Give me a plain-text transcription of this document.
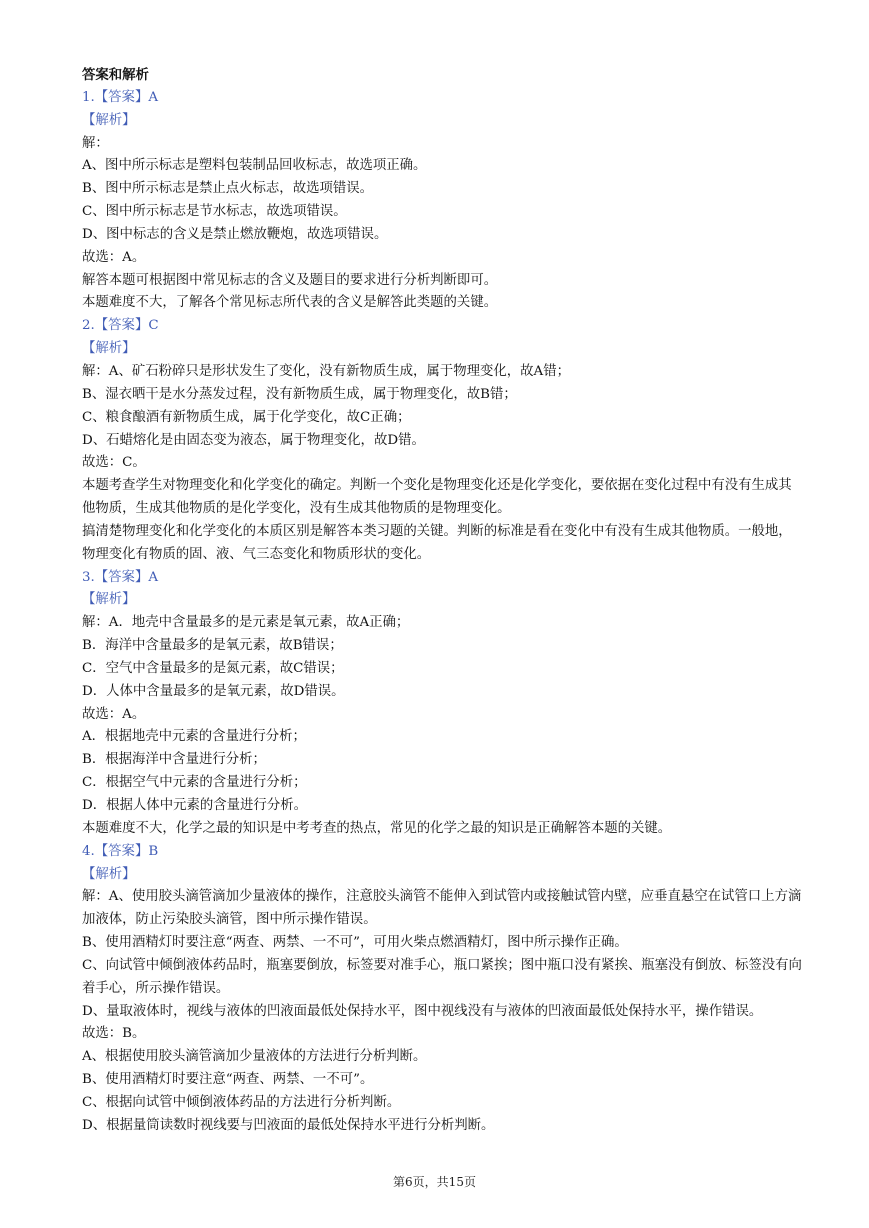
答案和解析
1.【答案】A
【解析】
解：
A、图中所示标志是塑料包装制品回收标志，故选项正确。
B、图中所示标志是禁止点火标志，故选项错误。
C、图中所示标志是节水标志，故选项错误。
D、图中标志的含义是禁止燃放鞭炮，故选项错误。
故选：A。
解答本题可根据图中常见标志的含义及题目的要求进行分析判断即可。
本题难度不大，了解各个常见标志所代表的含义是解答此类题的关键。
2.【答案】C
【解析】
解：A、矿石粉碎只是形状发生了变化，没有新物质生成，属于物理变化，故A错；
B、湿衣晒干是水分蒸发过程，没有新物质生成，属于物理变化，故B错；
C、粮食酿酒有新物质生成，属于化学变化，故C正确；
D、石蜡熔化是由固态变为液态，属于物理变化，故D错。
故选：C。
本题考查学生对物理变化和化学变化的确定。判断一个变化是物理变化还是化学变化，要依据在变化过程中有没有生成其他物质，生成其他物质的是化学变化，没有生成其他物质的是物理变化。
搞清楚物理变化和化学变化的本质区别是解答本类习题的关键。判断的标准是看在变化中有没有生成其他物质。一般地，物理变化有物质的固、液、气三态变化和物质形状的变化。
3.【答案】A
【解析】
解：A．地壳中含量最多的是元素是氧元素，故A正确；
B．海洋中含量最多的是氧元素，故B错误；
C．空气中含量最多的是氮元素，故C错误；
D．人体中含量最多的是氧元素，故D错误。
故选：A。
A．根据地壳中元素的含量进行分析；
B．根据海洋中含量进行分析；
C．根据空气中元素的含量进行分析；
D．根据人体中元素的含量进行分析。
本题难度不大，化学之最的知识是中考考查的热点，常见的化学之最的知识是正确解答本题的关键。
4.【答案】B
【解析】
解：A、使用胶头滴管滴加少量液体的操作，注意胶头滴管不能伸入到试管内或接触试管内壁，应垂直悬空在试管口上方滴加液体，防止污染胶头滴管，图中所示操作错误。
B、使用酒精灯时要注意“两查、两禁、一不可”，可用火柴点燃酒精灯，图中所示操作正确。
C、向试管中倾倒液体药品时，瓶塞要倒放，标签要对准手心，瓶口紧挨；图中瓶口没有紧挨、瓶塞没有倒放、标签没有向着手心，所示操作错误。
D、量取液体时，视线与液体的凹液面最低处保持水平，图中视线没有与液体的凹液面最低处保持水平，操作错误。
故选：B。
A、根据使用胶头滴管滴加少量液体的方法进行分析判断。
B、使用酒精灯时要注意“两查、两禁、一不可”。
C、根据向试管中倾倒液体药品的方法进行分析判断。
D、根据量筒读数时视线要与凹液面的最低处保持水平进行分析判断。
第6页，共15页
